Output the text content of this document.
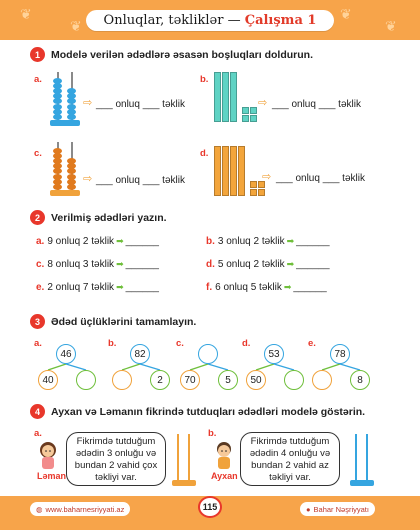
❦
❦
❦
❦
Onluqlar, təkliklər — Çalışma 1
1	Modelə verilən ədədlərə əsasən boşluqları doldurun.
a.
⇨ ___ onluq ___ təklik
b.
⇨ ___ onluq ___ təklik
c.
⇨ ___ onluq ___ təklik
d.
⇨ ___ onluq ___ təklik
2	Verilmiş ədədləri yazın.
a. 9 onluq 2 təklik ➡ ______	b. 3 onluq 2 təklik ➡ ______
c. 8 onluq 3 təklik ➡ ______	d. 5 onluq 2 təklik ➡ ______
e. 2 onluq 7 təklik ➡ ______	f. 6 onluq 5 təklik ➡ ______
3	Ədəd üçlüklərini tamamlayın.
a.
46
40
b.
82
2
c.
70	5
d.
53
50
e.
78
8
4	Ayxan və Ləmanın fikrində tutduqları ədədləri modelə göstərin.
a.
Ləman
Fikrimdə tutduğum ədədin 3 onluğu və bundan 2 vahid çox təkliyi var.
b.
Ayxan
Fikrimdə tutduğum ədədin 4 onluğu və bundan 2 vahid az təkliyi var.
◍ www.bahar​nesriyyati.az	115	● Bahar Nəşriyyatı
